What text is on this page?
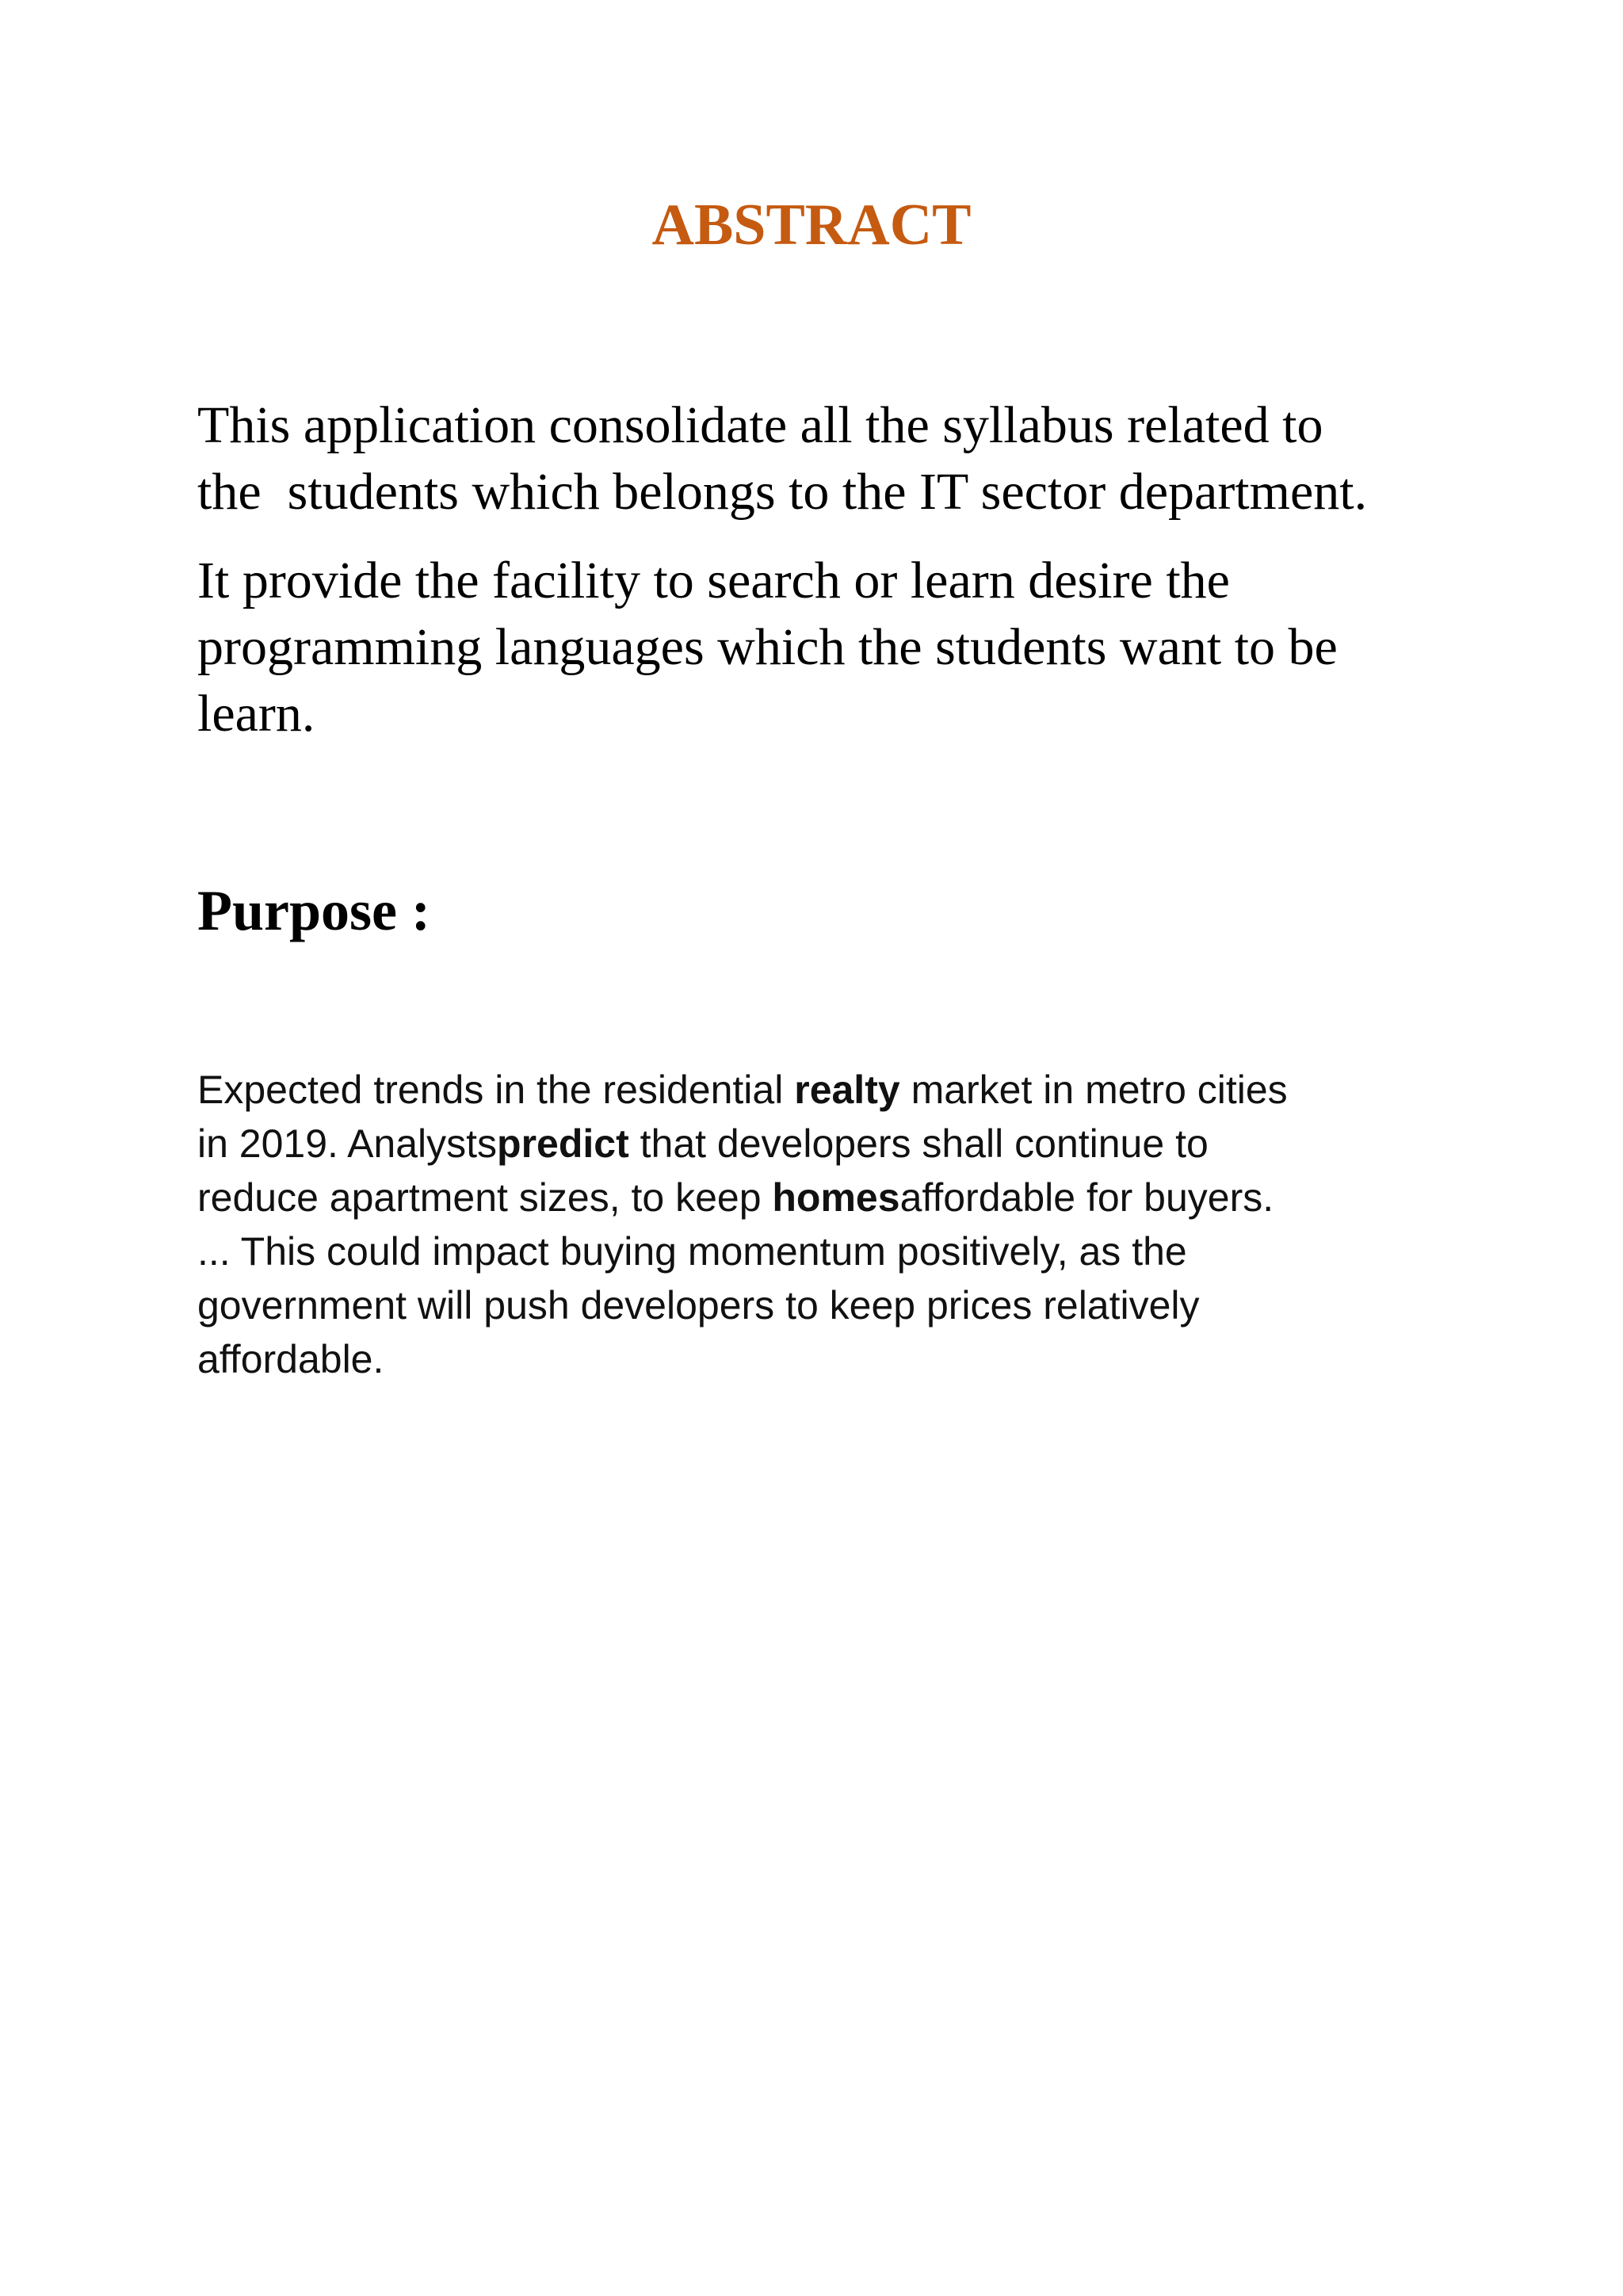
ABSTRACT

This application consolidate all the syllabus related to

the  students which belongs to the IT sector department.

It provide the facility to search or learn desire the

programming languages which the students want to be

learn.

Purpose :
Expected trends in the residential realty market in metro cities
in 2019. Analystspredict that developers shall continue to
reduce apartment sizes, to keep homesaffordable for buyers.
... This could impact buying momentum positively, as the
government will push developers to keep prices relatively
affordable.
